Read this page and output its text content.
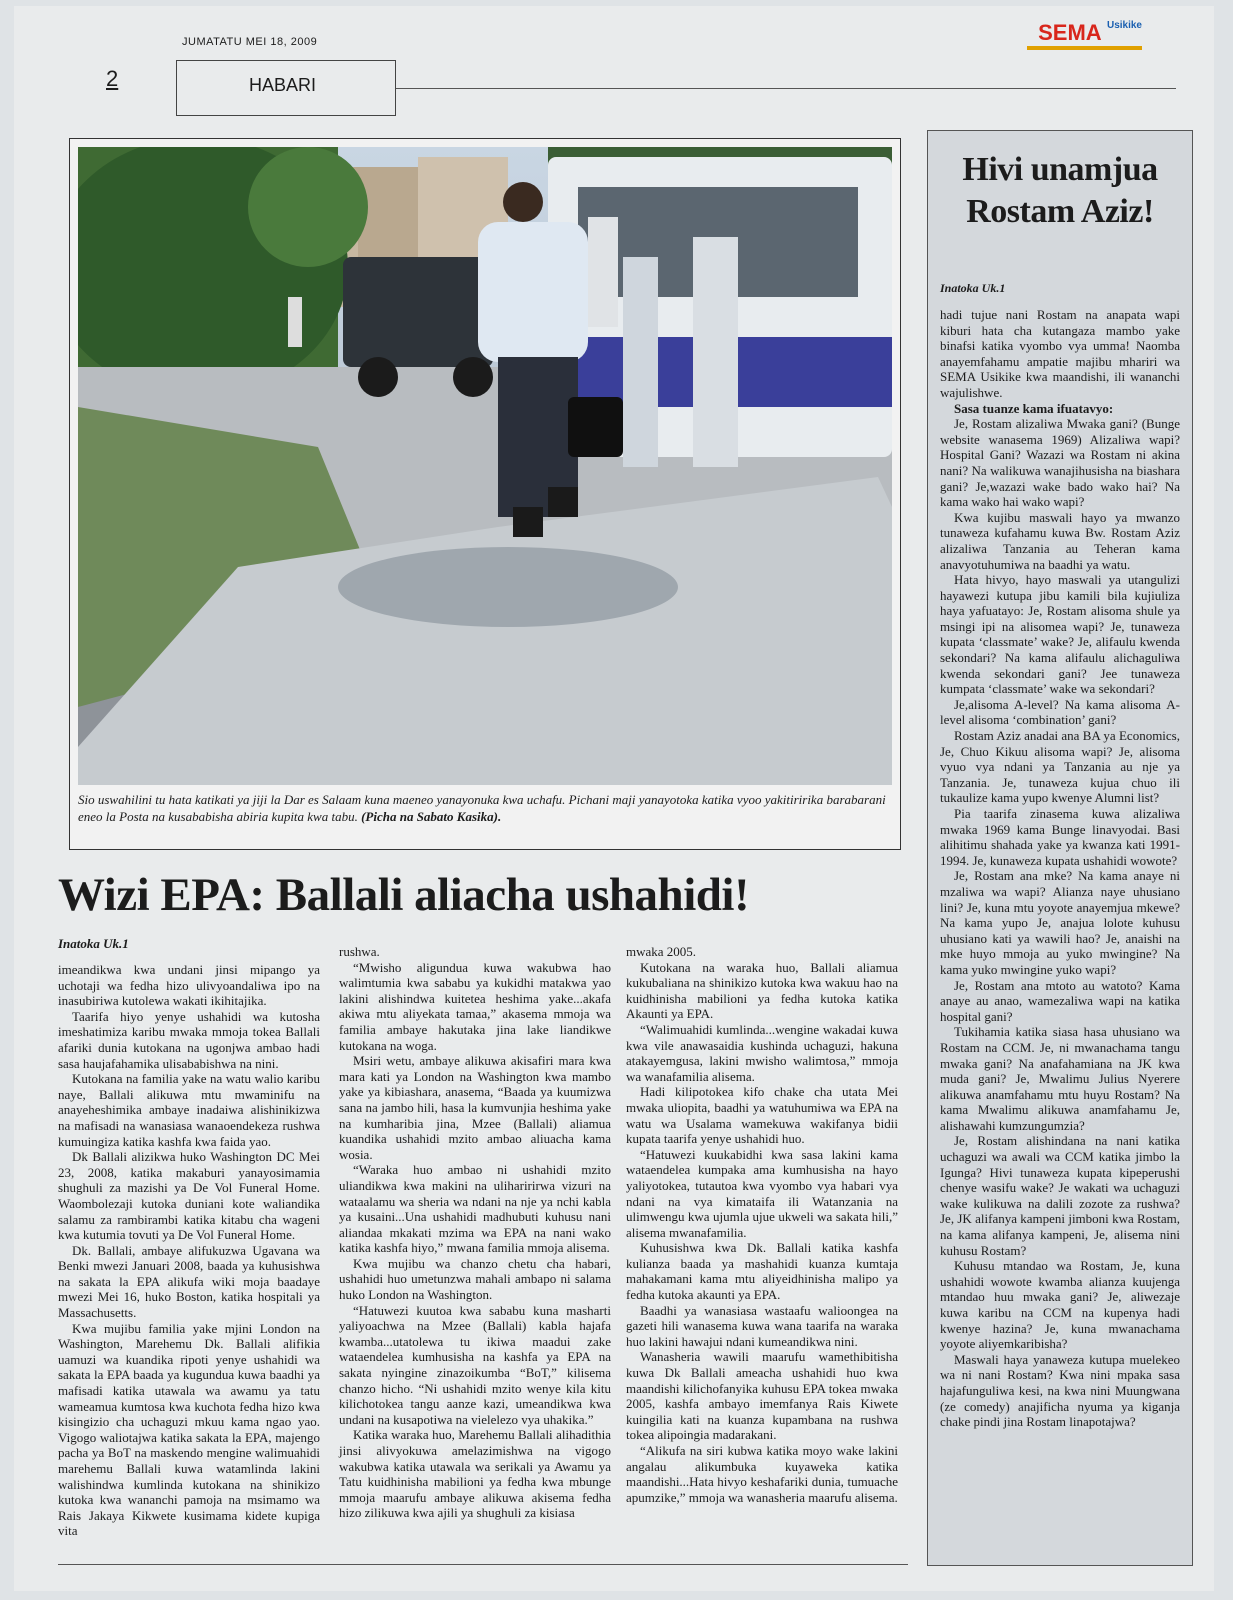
JUMATATU MEI 18, 2009
2	HABARI
SEMA $^{Usikike}$
Sio uswahilini tu hata katikati ya jiji la Dar es Salaam kuna maeneo yanayonuka kwa uchafu. Pichani maji yanayotoka katika vyoo yakitiririka barabarani eneo la Posta na kusababisha abiria kupita kwa tabu. (Picha na Sabato Kasika).
Wizi EPA: Ballali aliacha ushahidi!
Inatoka Uk.1

imeandikwa kwa undani jinsi mipango ya uchotaji wa fedha hizo ulivyoandaliwa ipo na inasubiriwa kutolewa wakati ikihitajika.

Taarifa hiyo yenye ushahidi wa kutosha imeshatimiza karibu mwaka mmoja tokea Ballali afariki dunia kutokana na ugonjwa ambao hadi sasa haujafahamika ulisababishwa na nini.

Kutokana na familia yake na watu walio karibu naye, Ballali alikuwa mtu mwaminifu na anayeheshimika ambaye inadaiwa alishinikizwa na mafisadi na wanasiasa wanaoendekeza rushwa kumuingiza katika kashfa kwa faida yao.

Dk Ballali alizikwa huko Washington DC Mei 23, 2008, katika makaburi yanayosimamia shughuli za mazishi ya De Vol Funeral Home. Waombolezaji kutoka duniani kote waliandika salamu za rambirambi katika kitabu cha wageni kwa kutumia tovuti ya De Vol Funeral Home.

Dk. Ballali, ambaye alifukuzwa Ugavana wa Benki mwezi Januari 2008, baada ya kuhusishwa na sakata la EPA alikufa wiki moja baadaye mwezi Mei 16, huko Boston, katika hospitali ya Massachusetts.

Kwa mujibu familia yake mjini London na Washington, Marehemu Dk. Ballali alifikia uamuzi wa kuandika ripoti yenye ushahidi wa sakata la EPA baada ya kugundua kuwa baadhi ya mafisadi katika utawala wa awamu ya tatu wameamua kumtosa kwa kuchota fedha hizo kwa kisingizio cha uchaguzi mkuu kama ngao yao. Vigogo waliotajwa katika sakata la EPA, majengo pacha ya BoT na maskendo mengine walimuahidi marehemu Ballali kuwa watamlinda lakini walishindwa kumlinda kutokana na shinikizo kutoka kwa wananchi pamoja na msimamo wa Rais Jakaya Kikwete kusimama kidete kupiga vita

rushwa.

“Mwisho aligundua kuwa wakubwa hao walimtumia kwa sababu ya kukidhi matakwa yao lakini alishindwa kuitetea heshima yake...akafa akiwa mtu aliyekata tamaa,” akasema mmoja wa familia ambaye hakutaka jina lake liandikwe kutokana na woga.

Msiri wetu, ambaye alikuwa akisafiri mara kwa mara kati ya London na Washington kwa mambo yake ya kibiashara, anasema, “Baada ya kuumizwa sana na jambo hili, hasa la kumvunjia heshima yake na kumharibia jina, Mzee (Ballali) aliamua kuandika ushahidi mzito ambao aliuacha kama wosia.

“Waraka huo ambao ni ushahidi mzito uliandikwa kwa makini na uliharirirwa vizuri na wataalamu wa sheria wa ndani na nje ya nchi kabla ya kusaini...Una ushahidi madhubuti kuhusu nani aliandaa mkakati mzima wa EPA na nani wako katika kashfa hiyo,” mwana familia mmoja alisema.

Kwa mujibu wa chanzo chetu cha habari, ushahidi huo umetunzwa mahali ambapo ni salama huko London na Washington.

“Hatuwezi kuutoa kwa sababu kuna masharti yaliyoachwa na Mzee (Ballali) kabla hajafa kwamba...utatolewa tu ikiwa maadui zake wataendelea kumhusisha na kashfa ya EPA na sakata nyingine zinazoikumba “BoT,” kilisema chanzo hicho. “Ni ushahidi mzito wenye kila kitu kilichotokea tangu aanze kazi, umeandikwa kwa undani na kusapotiwa na vielelezo vya uhakika.”

Katika waraka huo, Marehemu Ballali alihadithia jinsi alivyokuwa amelazimishwa na vigogo wakubwa katika utawala wa serikali ya Awamu ya Tatu kuidhinisha mabilioni ya fedha kwa mbunge mmoja maarufu ambaye alikuwa akisema fedha hizo zilikuwa kwa ajili ya shughuli za kisiasa

mwaka 2005.

Kutokana na waraka huo, Ballali aliamua kukubaliana na shinikizo kutoka kwa wakuu hao na kuidhinisha mabilioni ya fedha kutoka katika Akaunti ya EPA.

“Walimuahidi kumlinda...wengine wakadai kuwa kwa vile anawasaidia kushinda uchaguzi, hakuna atakayemgusa, lakini mwisho walimtosa,” mmoja wa wanafamilia alisema.

Hadi kilipotokea kifo chake cha utata Mei mwaka uliopita, baadhi ya watuhumiwa wa EPA na watu wa Usalama wamekuwa wakifanya bidii kupata taarifa yenye ushahidi huo.

“Hatuwezi kuukabidhi kwa sasa lakini kama wataendelea kumpaka ama kumhusisha na hayo yaliyotokea, tutautoa kwa vyombo vya habari vya ndani na vya kimataifa ili Watanzania na ulimwengu kwa ujumla ujue ukweli wa sakata hili,” alisema mwanafamilia.

Kuhusishwa kwa Dk. Ballali katika kashfa kulianza baada ya mashahidi kuanza kumtaja mahakamani kama mtu aliyeidhinisha malipo ya fedha kutoka akaunti ya EPA.

Baadhi ya wanasiasa wastaafu walioongea na gazeti hili wanasema kuwa wana taarifa na waraka huo lakini hawajui ndani kumeandikwa nini.

Wanasheria wawili maarufu wamethibitisha kuwa Dk Ballali ameacha ushahidi huo kwa maandishi kilichofanyika kuhusu EPA tokea mwaka 2005, kashfa ambayo imemfanya Rais Kiwete kuingilia kati na kuanza kupambana na rushwa tokea alipoingia madarakani.

“Alikufa na siri kubwa katika moyo wake lakini angalau alikumbuka kuyaweka katika maandishi...Hata hivyo keshafariki dunia, tumuache apumzike,” mmoja wa wanasheria maarufu alisema.

Hivi unamjua Rostam Aziz!
Inatoka Uk.1

hadi tujue nani Rostam na anapata wapi kiburi hata cha kutangaza mambo yake binafsi katika vyombo vya umma! Naomba anayemfahamu ampatie majibu mhariri wa SEMA Usikike kwa maandishi, ili wananchi wajulishwe.

Sasa tuanze kama ifuatavyo:

Je, Rostam alizaliwa Mwaka gani? (Bunge website wanasema 1969) Alizaliwa wapi? Hospital Gani? Wazazi wa Rostam ni akina nani? Na walikuwa wanajihusisha na biashara gani? Je,wazazi wake bado wako hai? Na kama wako hai wako wapi?

Kwa kujibu maswali hayo ya mwanzo tunaweza kufahamu kuwa Bw. Rostam Aziz alizaliwa Tanzania au Teheran kama anavyotuhumiwa na baadhi ya watu.

Hata hivyo, hayo maswali ya utangulizi hayawezi kutupa jibu kamili bila kujiuliza haya yafuatayo: Je, Rostam alisoma shule ya msingi ipi na alisomea wapi? Je, tunaweza kupata ‘classmate’ wake? Je, alifaulu kwenda sekondari? Na kama alifaulu alichaguliwa kwenda sekondari gani? Jee tunaweza kumpata ‘classmate’ wake wa sekondari?

Je,alisoma A-level? Na kama alisoma A-level alisoma ‘combination’ gani?

Rostam Aziz anadai ana BA ya Economics, Je, Chuo Kikuu alisoma wapi? Je, alisoma vyuo vya ndani ya Tanzania au nje ya Tanzania. Je, tunaweza kujua chuo ili tukaulize kama yupo kwenye Alumni list?

Pia taarifa zinasema kuwa alizaliwa mwaka 1969 kama Bunge linavyodai. Basi alihitimu shahada yake ya kwanza kati 1991-1994. Je, kunaweza kupata ushahidi wowote?

Je, Rostam ana mke? Na kama anaye ni mzaliwa wa wapi? Alianza naye uhusiano lini? Je, kuna mtu yoyote anayemjua mkewe? Na kama yupo Je, anajua lolote kuhusu uhusiano kati ya wawili hao? Je, anaishi na mke huyo mmoja au yuko mwingine? Na kama yuko mwingine yuko wapi?

Je, Rostam ana mtoto au watoto? Kama anaye au anao, wamezaliwa wapi na katika hospital gani?

Tukihamia katika siasa hasa uhusiano wa Rostam na CCM. Je, ni mwanachama tangu mwaka gani? Na anafahamiana na JK kwa muda gani? Je, Mwalimu Julius Nyerere alikuwa anamfahamu mtu huyu Rostam? Na kama Mwalimu alikuwa anamfahamu Je, alishawahi kumzungumzia?

Je, Rostam alishindana na nani katika uchaguzi wa awali wa CCM katika jimbo la Igunga? Hivi tunaweza kupata kipeperushi chenye wasifu wake? Je wakati wa uchaguzi wake kulikuwa na dalili zozote za rushwa? Je, JK alifanya kampeni jimboni kwa Rostam, na kama alifanya kampeni, Je, alisema nini kuhusu Rostam?

Kuhusu mtandao wa Rostam, Je, kuna ushahidi wowote kwamba alianza kuujenga mtandao huu mwaka gani? Je, aliwezaje kuwa karibu na CCM na kupenya hadi kwenye hazina? Je, kuna mwanachama yoyote aliyemkaribisha?

Maswali haya yanaweza kutupa muelekeo wa ni nani Rostam? Kwa nini mpaka sasa hajafunguliwa kesi, na kwa nini Muungwana (ze comedy) anajificha nyuma ya kiganja chake pindi jina Rostam linapotajwa?
